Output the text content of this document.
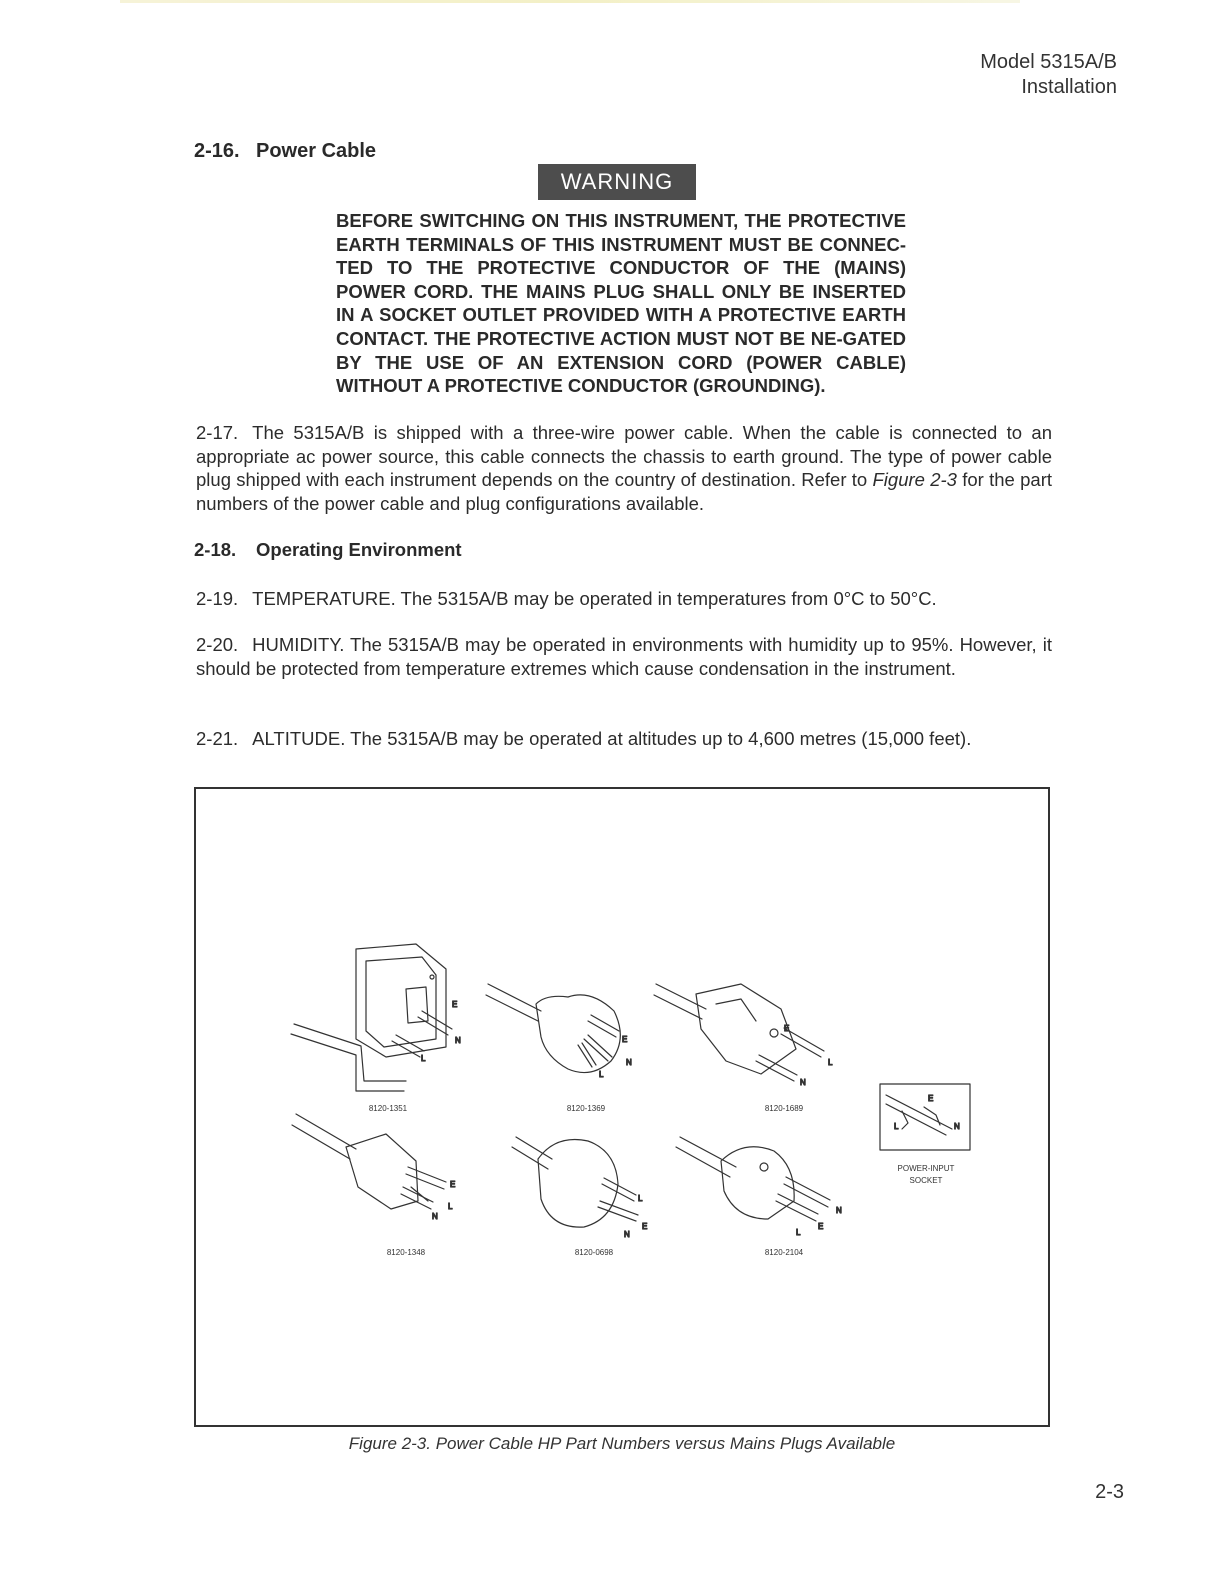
Model 5315A/B
Installation
2-16. Power Cable
WARNING
BEFORE SWITCHING ON THIS INSTRUMENT, THE PROTECTIVE EARTH TERMINALS OF THIS INSTRUMENT MUST BE CONNEC-TED TO THE PROTECTIVE CONDUCTOR OF THE (MAINS) POWER CORD. THE MAINS PLUG SHALL ONLY BE INSERTED IN A SOCKET OUTLET PROVIDED WITH A PROTECTIVE EARTH CONTACT. THE PROTECTIVE ACTION MUST NOT BE NE-GATED BY THE USE OF AN EXTENSION CORD (POWER CABLE) WITHOUT A PROTECTIVE CONDUCTOR (GROUNDING).
2-17. The 5315A/B is shipped with a three-wire power cable. When the cable is connected to an appropriate ac power source, this cable connects the chassis to earth ground. The type of power cable plug shipped with each instrument depends on the country of destination. Refer to Figure 2-3 for the part numbers of the power cable and plug configurations available.
2-18. Operating Environment
2-19. TEMPERATURE. The 5315A/B may be operated in temperatures from 0°C to 50°C.
2-20. HUMIDITY. The 5315A/B may be operated in environments with humidity up to 95%. However, it should be protected from temperature extremes which cause condensation in the instrument.
2-21. ALTITUDE. The 5315A/B may be operated at altitudes up to 4,600 metres (15,000 feet).
E
N
L
E
N
L
E
N
L
E
N
L
L
E
N
N
E
L
E
L	N
8120-1351	8120-1369	8120-1689
8120-1348	8120-0698	8120-2104
POWER-INPUT
SOCKET
Figure 2-3. Power Cable HP Part Numbers versus Mains Plugs Available
2-3
